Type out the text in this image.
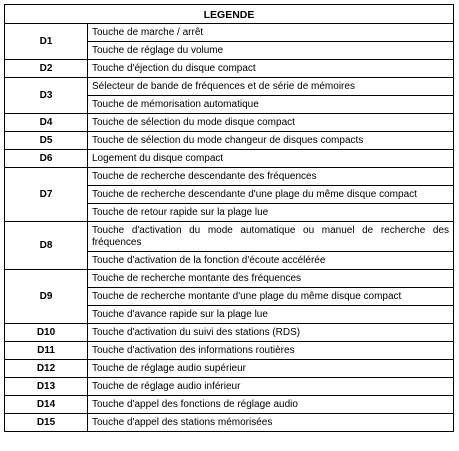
LEGENDE	
D1	Touche de marche / arrêt
	Touche de réglage du volume
D2	Touche d'éjection du disque compact
D3	Sélecteur de bande de fréquences et de série de mémoires
	Touche de mémorisation automatique
D4	Touche de sélection du mode disque compact
D5	Touche de sélection du mode changeur de disques compacts
D6	Logement du disque compact
D7	Touche de recherche descendante des fréquences
	Touche de recherche descendante d'une plage du même disque compact
	Touche de retour rapide sur la plage lue
D8	Touche d'activation du mode automatique ou manuel de recherche des fréquences
	Touche d'activation de la fonction d'écoute accélérée
D9	Touche de recherche montante des fréquences
	Touche de recherche montante d'une plage du même disque compact
	Touche d'avance rapide sur la plage lue
D10	Touche d'activation du suivi des stations (RDS)
D11	Touche d'activation des informations routières
D12	Touche de réglage audio supérieur
D13	Touche de réglage audio inférieur
D14	Touche d'appel des fonctions de réglage audio
D15	Touche d'appel des stations mémorisées
